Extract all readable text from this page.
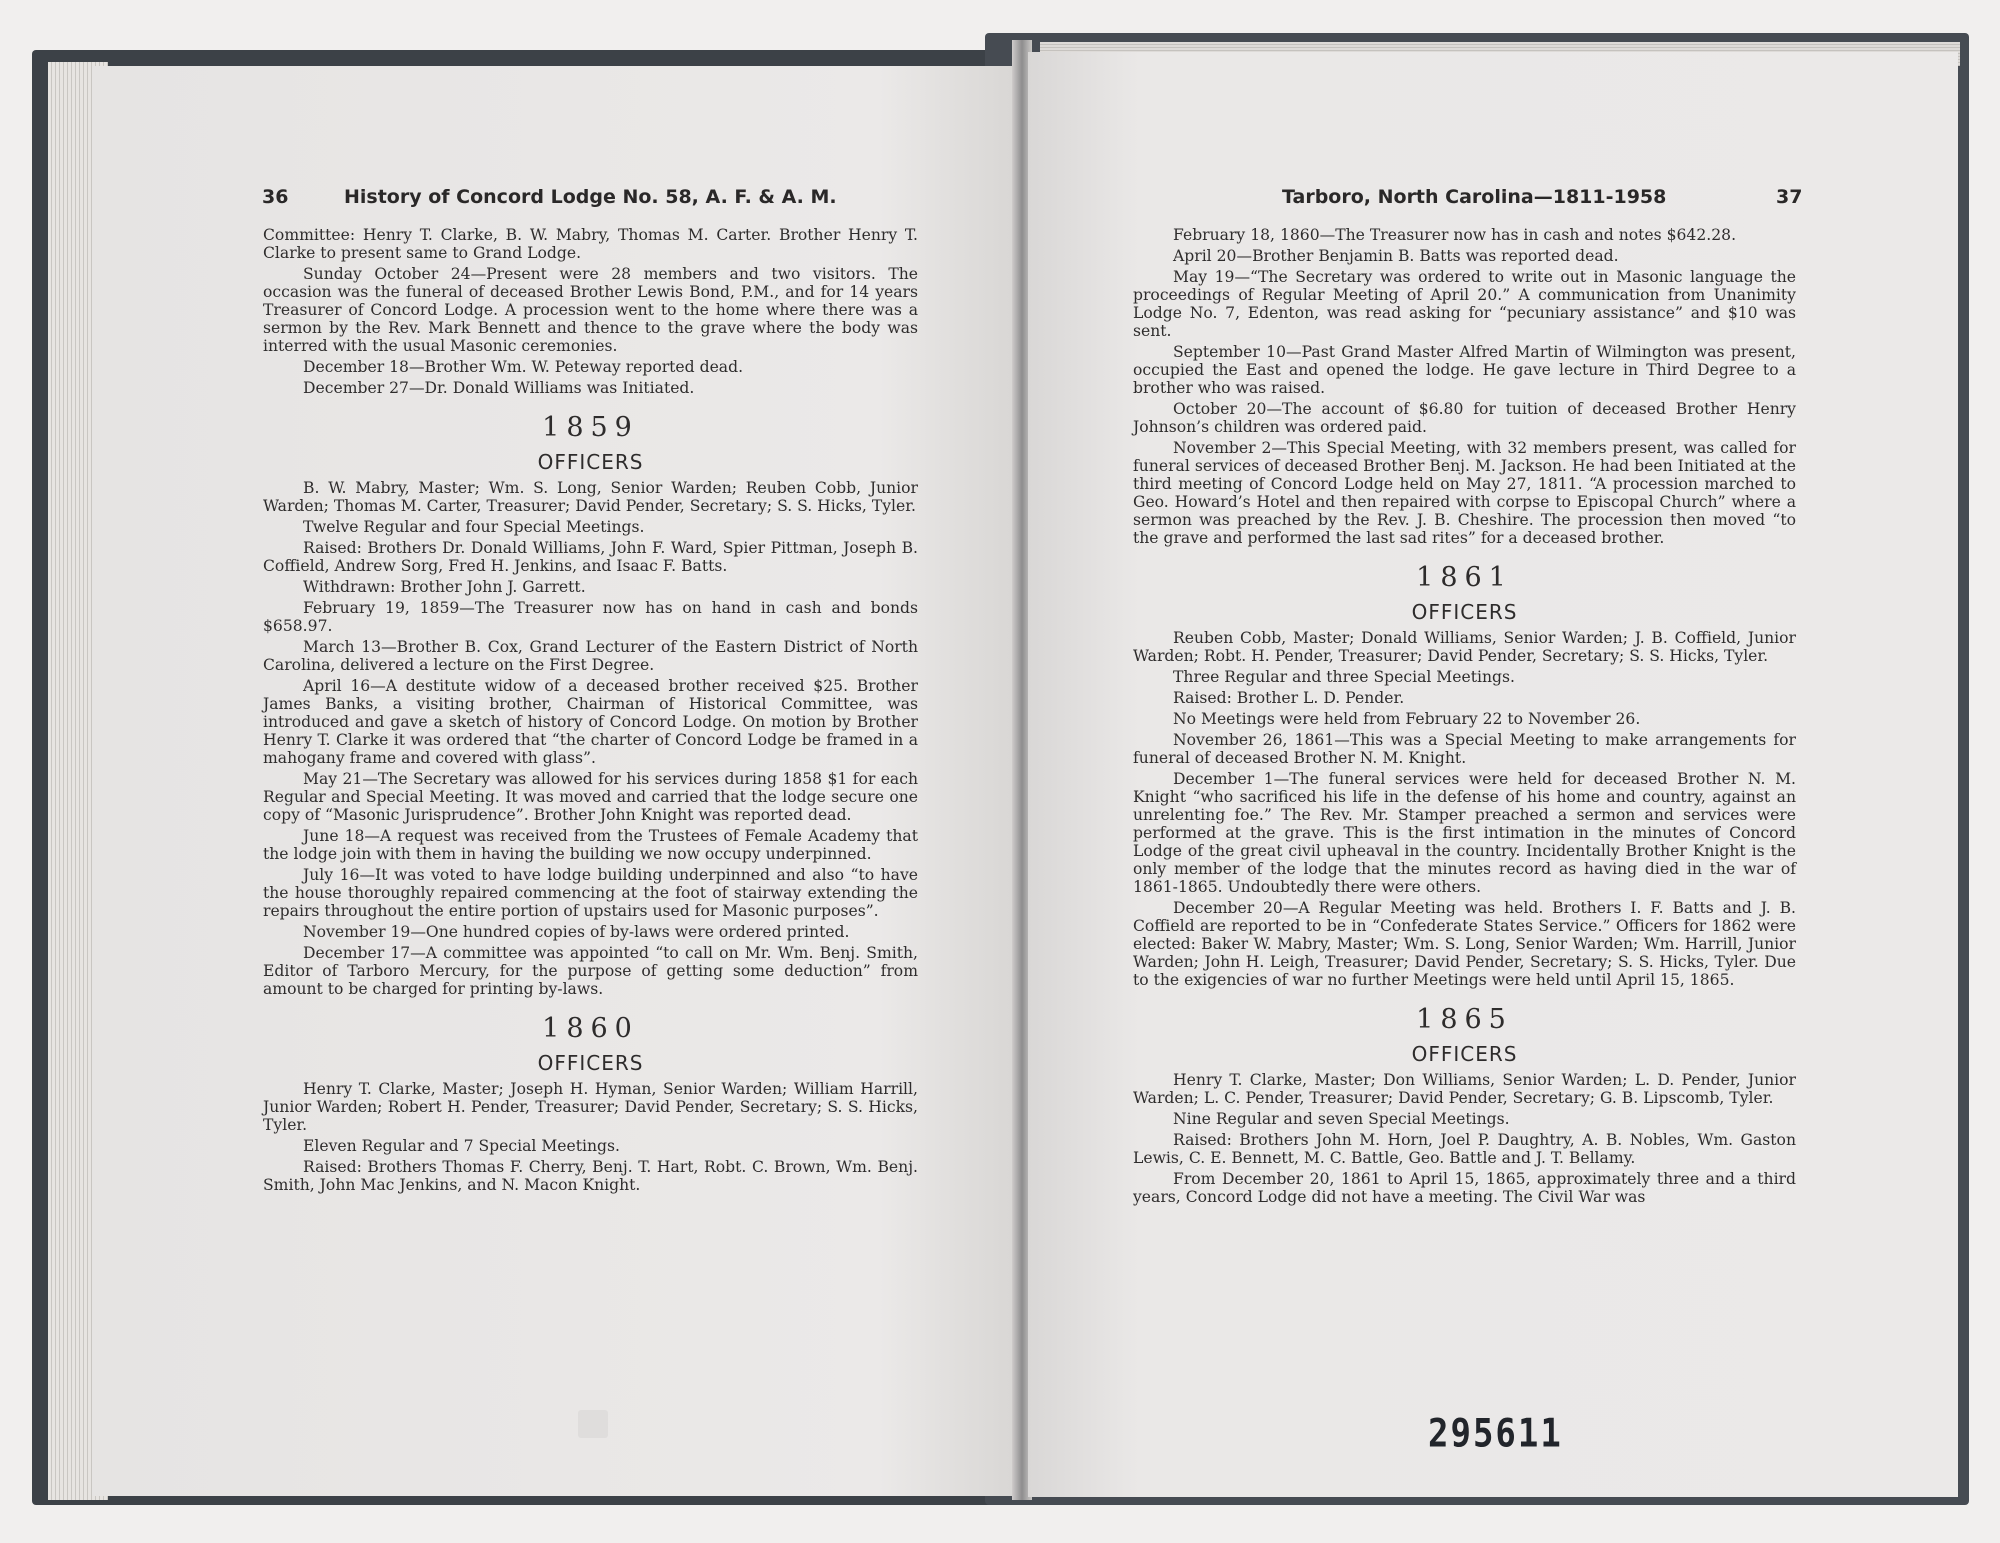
36	History of Concord Lodge No. 58, A. F. & A. M.

Committee: Henry T. Clarke, B. W. Mabry, Thomas M. Carter. Brother Henry T. Clarke to present same to Grand Lodge.

Sunday October 24—Present were 28 members and two visitors. The occasion was the funeral of deceased Brother Lewis Bond, P.M., and for 14 years Treasurer of Concord Lodge. A procession went to the home where there was a sermon by the Rev. Mark Bennett and thence to the grave where the body was interred with the usual Masonic ceremonies.

December 18—Brother Wm. W. Peteway reported dead.

December 27—Dr. Donald Williams was Initiated.

1859
OFFICERS

B. W. Mabry, Master; Wm. S. Long, Senior Warden; Reuben Cobb, Junior Warden; Thomas M. Carter, Treasurer; David Pender, Secretary; S. S. Hicks, Tyler.

Twelve Regular and four Special Meetings.

Raised: Brothers Dr. Donald Williams, John F. Ward, Spier Pittman, Joseph B. Coffield, Andrew Sorg, Fred H. Jenkins, and Isaac F. Batts.

Withdrawn: Brother John J. Garrett.

February 19, 1859—The Treasurer now has on hand in cash and bonds $658.97.

March 13—Brother B. Cox, Grand Lecturer of the Eastern District of North Carolina, delivered a lecture on the First Degree.

April 16—A destitute widow of a deceased brother received $25. Brother James Banks, a visiting brother, Chairman of Historical Committee, was introduced and gave a sketch of history of Concord Lodge. On motion by Brother Henry T. Clarke it was ordered that “the charter of Concord Lodge be framed in a mahogany frame and covered with glass”.

May 21—The Secretary was allowed for his services during 1858 $1 for each Regular and Special Meeting. It was moved and carried that the lodge secure one copy of “Masonic Jurisprudence”. Brother John Knight was reported dead.

June 18—A request was received from the Trustees of Female Academy that the lodge join with them in having the building we now occupy underpinned.

July 16—It was voted to have lodge building underpinned and also “to have the house thoroughly repaired commencing at the foot of stairway extending the repairs throughout the entire portion of upstairs used for Masonic purposes”.

November 19—One hundred copies of by-laws were ordered printed.

December 17—A committee was appointed “to call on Mr. Wm. Benj. Smith, Editor of Tarboro Mercury, for the purpose of getting some deduction” from amount to be charged for printing by-laws.

1860
OFFICERS

Henry T. Clarke, Master; Joseph H. Hyman, Senior Warden; William Harrill, Junior Warden; Robert H. Pender, Treasurer; David Pender, Secretary; S. S. Hicks, Tyler.

Eleven Regular and 7 Special Meetings.

Raised: Brothers Thomas F. Cherry, Benj. T. Hart, Robt. C. Brown, Wm. Benj. Smith, John Mac Jenkins, and N. Macon Knight.

Tarboro, North Carolina—1811-1958	37

February 18, 1860—The Treasurer now has in cash and notes $642.28.

April 20—Brother Benjamin B. Batts was reported dead.

May 19—“The Secretary was ordered to write out in Masonic language the proceedings of Regular Meeting of April 20.” A communication from Unanimity Lodge No. 7, Edenton, was read asking for “pecuniary assistance” and $10 was sent.

September 10—Past Grand Master Alfred Martin of Wilmington was present, occupied the East and opened the lodge. He gave lecture in Third Degree to a brother who was raised.

October 20—The account of $6.80 for tuition of deceased Brother Henry Johnson’s children was ordered paid.

November 2—This Special Meeting, with 32 members present, was called for funeral services of deceased Brother Benj. M. Jackson. He had been Initiated at the third meeting of Concord Lodge held on May 27, 1811. “A procession marched to Geo. Howard’s Hotel and then repaired with corpse to Episcopal Church” where a sermon was preached by the Rev. J. B. Cheshire. The procession then moved “to the grave and performed the last sad rites” for a deceased brother.

1861
OFFICERS

Reuben Cobb, Master; Donald Williams, Senior Warden; J. B. Coffield, Junior Warden; Robt. H. Pender, Treasurer; David Pender, Secretary; S. S. Hicks, Tyler.

Three Regular and three Special Meetings.

Raised: Brother L. D. Pender.

No Meetings were held from February 22 to November 26.

November 26, 1861—This was a Special Meeting to make arrangements for funeral of deceased Brother N. M. Knight.

December 1—The funeral services were held for deceased Brother N. M. Knight “who sacrificed his life in the defense of his home and country, against an unrelenting foe.” The Rev. Mr. Stamper preached a sermon and services were performed at the grave. This is the first intimation in the minutes of Concord Lodge of the great civil upheaval in the country. Incidentally Brother Knight is the only member of the lodge that the minutes record as having died in the war of 1861-1865. Undoubtedly there were others.

December 20—A Regular Meeting was held. Brothers I. F. Batts and J. B. Coffield are reported to be in “Confederate States Service.” Officers for 1862 were elected: Baker W. Mabry, Master; Wm. S. Long, Senior Warden; Wm. Harrill, Junior Warden; John H. Leigh, Treasurer; David Pender, Secretary; S. S. Hicks, Tyler. Due to the exigencies of war no further Meetings were held until April 15, 1865.

1865
OFFICERS

Henry T. Clarke, Master; Don Williams, Senior Warden; L. D. Pender, Junior Warden; L. C. Pender, Treasurer; David Pender, Secretary; G. B. Lipscomb, Tyler.

Nine Regular and seven Special Meetings.

Raised: Brothers John M. Horn, Joel P. Daughtry, A. B. Nobles, Wm. Gaston Lewis, C. E. Bennett, M. C. Battle, Geo. Battle and J. T. Bellamy.

From December 20, 1861 to April 15, 1865, approximately three and a third years, Concord Lodge did not have a meeting. The Civil War was

295611
